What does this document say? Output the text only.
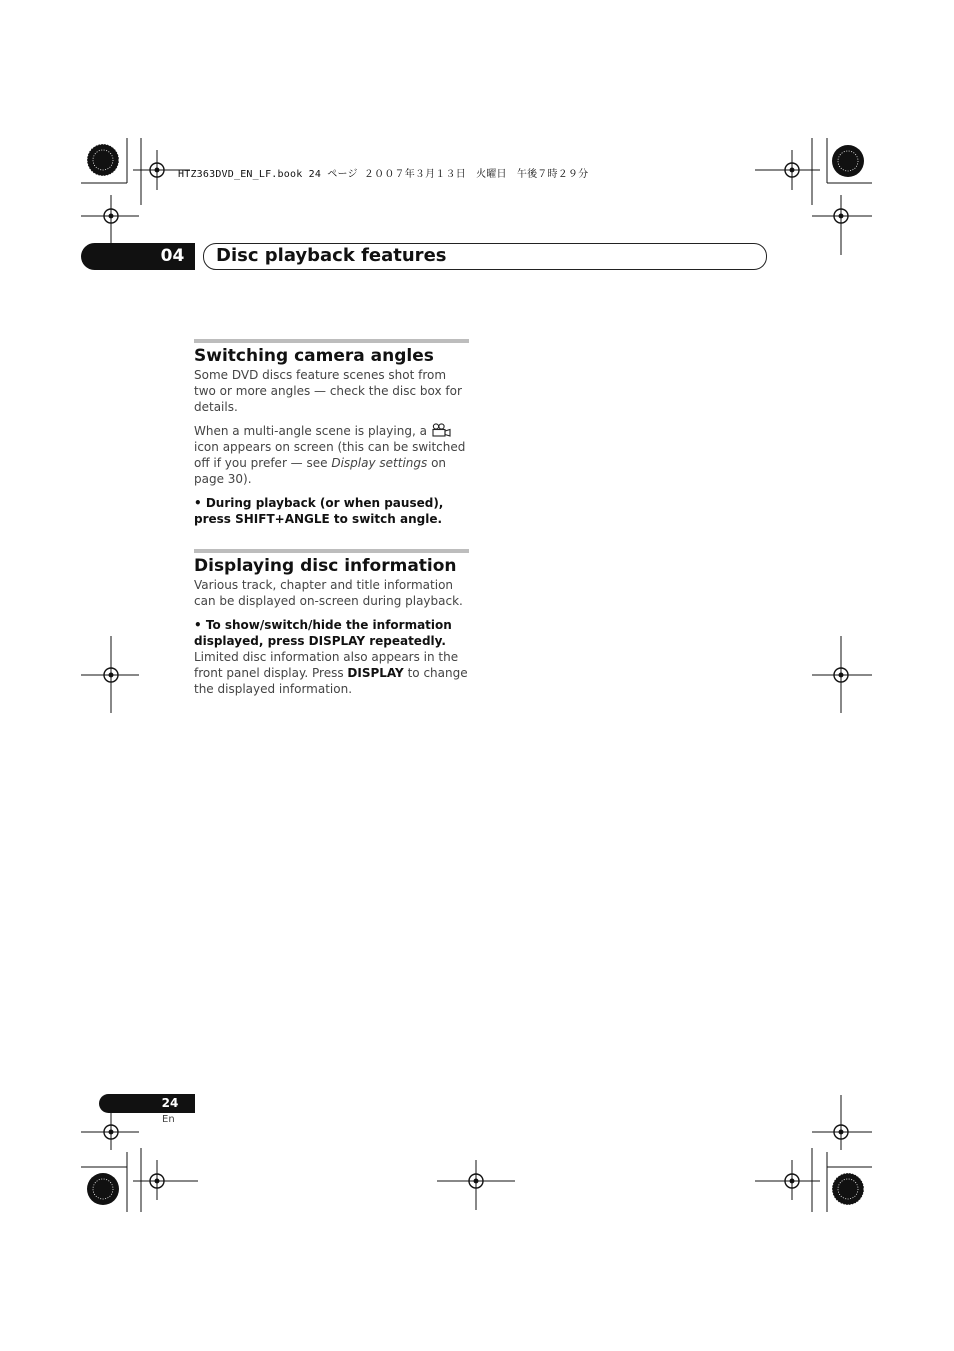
HTZ363DVD_EN_LF.book 24 ページ ２００７年３月１３日　火曜日　午後７時２９分
04	Disc playback features
Switching camera angles

Some DVD discs feature scenes shot from two or more angles — check the disc box for details.

When a multi-angle scene is playing, a
icon appears on screen (this can be switched off if you prefer — see Display settings on page 30).

• During playback (or when paused), press SHIFT+ANGLE to switch angle.

Displaying disc information

Various track, chapter and title information can be displayed on-screen during playback.

• To show/switch/hide the information displayed, press DISPLAY repeatedly.

Limited disc information also appears in the front panel display. Press DISPLAY to change the displayed information.

24
En
